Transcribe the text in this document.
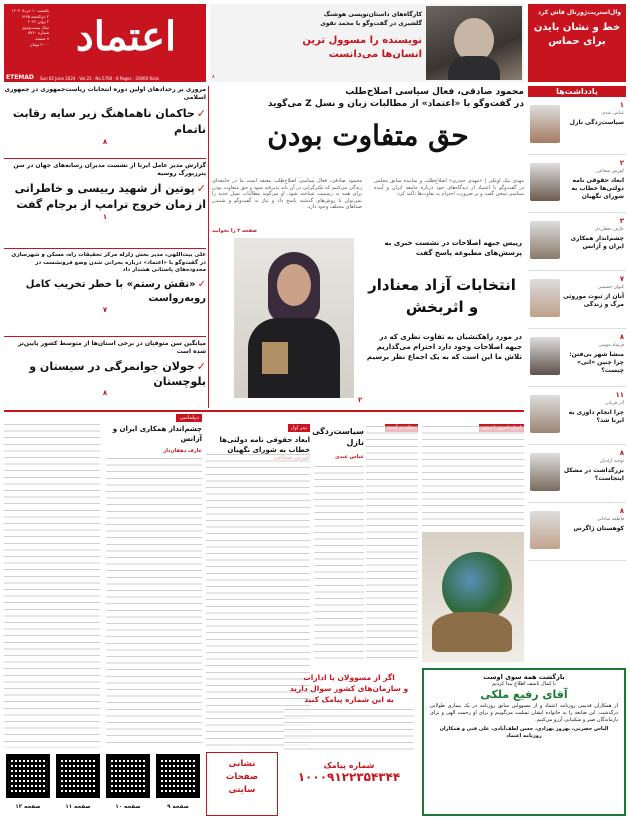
اعتماد
یکشنبه ۱۰ خرداد ۱۴۰۳
۲ ذی‌الحجه ۱۴۴۵
۲ ژوئن ۲۰۲۴
سال بیست‌ودوم
شماره ۵۷۶۰
۸ صفحه
۲۰۰۰ تومان
ETEMAD Sun 02 June 2024 · Vol.22 · No.5760 · 8 Pages · 20000 Rials
کارگاه‌های داستان‌نویسی هوشنگ گلشیری در گفت‌وگو با محمد تقوی
نویسنده را مسوول ترین انسان‌ها می‌دانست
۸
وال‌استریت‌ژورنال فاش کرد
خط و نشان بایدن برای حماس
مروری بر رخدادهای اولین دوره انتخابات ریاست‌جمهوری در جمهوری اسلامی
✓حاکمان ناهماهنگ زیر سایه رقابت ناتمام
۸
گزارش مدیر عامل ایرنا از نشست مدیران رسانه‌های جهان در سن پترزبورگ روسیه
✓پوتین از شهید رییسی و خاطراتی از زمان خروج ترامپ از برجام گفت
۱
علی بیت‌اللهی، مدیر بخش زلزله مرکز تحقیقات راه، مسکن و شهرسازی در گفت‌وگو با «اعتماد» درباره بحرانی شدن وضع فرونشست در محدوده‌های پاستانی هشدار داد
✓«نقش رستم» با خطر تخریب کامل روبه‌رواست
۷
میانگین سن متوفیان در برخی استان‌ها از متوسط کشور پایین‌تر شده است
✓جولان جوانمرگی در سیستان و بلوچستان
۸
محمود صادقی، فعال سیاسی اصلاح‌طلب
در گفت‌وگو با «اعتماد» از مطالبات زبان و نسل Z می‌گوید
حق متفاوت بودن
محمود صادقی، فعال سیاسی اصلاح‌طلب معتقد است ما در جامعه‌ای زندگی می‌کنیم که تکثرگرایی در آن باید پذیرفته شود و حق متفاوت بودن برای همه به رسمیت شناخته شود. او می‌گوید مطالبات نسل جدید را نمی‌توان با روش‌های گذشته پاسخ داد و نیاز به گفت‌وگو و شنیدن صداهای مختلف وجود دارد.
مهدی بیک اوغلی | «مهدی حیدری» اصلاح‌طلب و نماینده سابق مجلس در گفت‌وگو با اعتماد از دیدگاه‌های خود درباره جامعه ایران و آینده سیاسی سخن گفت و بر ضرورت احترام به تفاوت‌ها تاکید کرد.
صفحه ۲ را بخوانید
رییس جبهه اصلاحات در نشست خبری به پرسش‌های مطبوعه پاسخ گفت
انتخابات آزاد معنادار و اثربخش
در مورد راهکنشیان به تفاوت نظری که در جبهه اصلاحات وجود دارد احترام می‌گذاریم تلاش ما این است که به یک اجماع نظر برسیم
۲
یادداشت‌ها
۱
عباس عبدی
سیاست‌زدگی نازل
۲
کورش شجاعی
ابعاد حقوقی نامه دولتی‌ها خطاب به شورای نگهبان
۳
عارف دهقان‌دار
چشم‌انداز همکاری ایران و آزانس
۷
کیوان حشمتی
آنان از ثبوت موروثی مرگ و زندگی
۸
فرشاد مومنی
منشا شهر بی‌فتن: چرا چنین «انی» چیست؟
۱۱
آذر قربانی
چرا انجام داوری به ایرنا شد؟
۸
توحید آزادیان
بزرگداشت در مشکل اینجاست؟
۸
فاطمه ساداتی
کوهستان ژاگرس
دیپلماسی
چشم‌انداز همکاری ایران و آزانس
عارف دهقان‌دار
تیتر اول
ابعاد حقوقی نامه دولتی‌ها خطاب به شورای نگهبان
سیاست‌زدگی نازل
عباس عبدی
بازگشت همه سوی اوست
با کمال تاسف اطلاع پیدا کردیم
آقای رفیع ملکی
از همکاران قدیمی روزنامه اعتماد و از مسوولین سابق روزنامه در یک بیماری طولانی درگذشت. این ضایعه را به خانواده ایشان تسلیت می‌گوییم و برای او رحمت الهی و برای بازماندگان صبر و شکیبایی آرزو می‌کنیم.
الیاس حضرتی، بهروز بهزادی، حسن لطف‌آبادی، علی فنی و همکاران روزنامه اعتماد
اگر از مسوولان یا ادارات
و سازمان‌های کشور سوال دارید
به این شماره پیامک کنید
شماره پیامک
۱۰۰۰۹۱۲۲۳۵۴۳۴۴
نشانی
صفحات
سایتی
صفحه ۹
صفحه ۱۰
صفحه ۱۱
صفحه ۱۲
